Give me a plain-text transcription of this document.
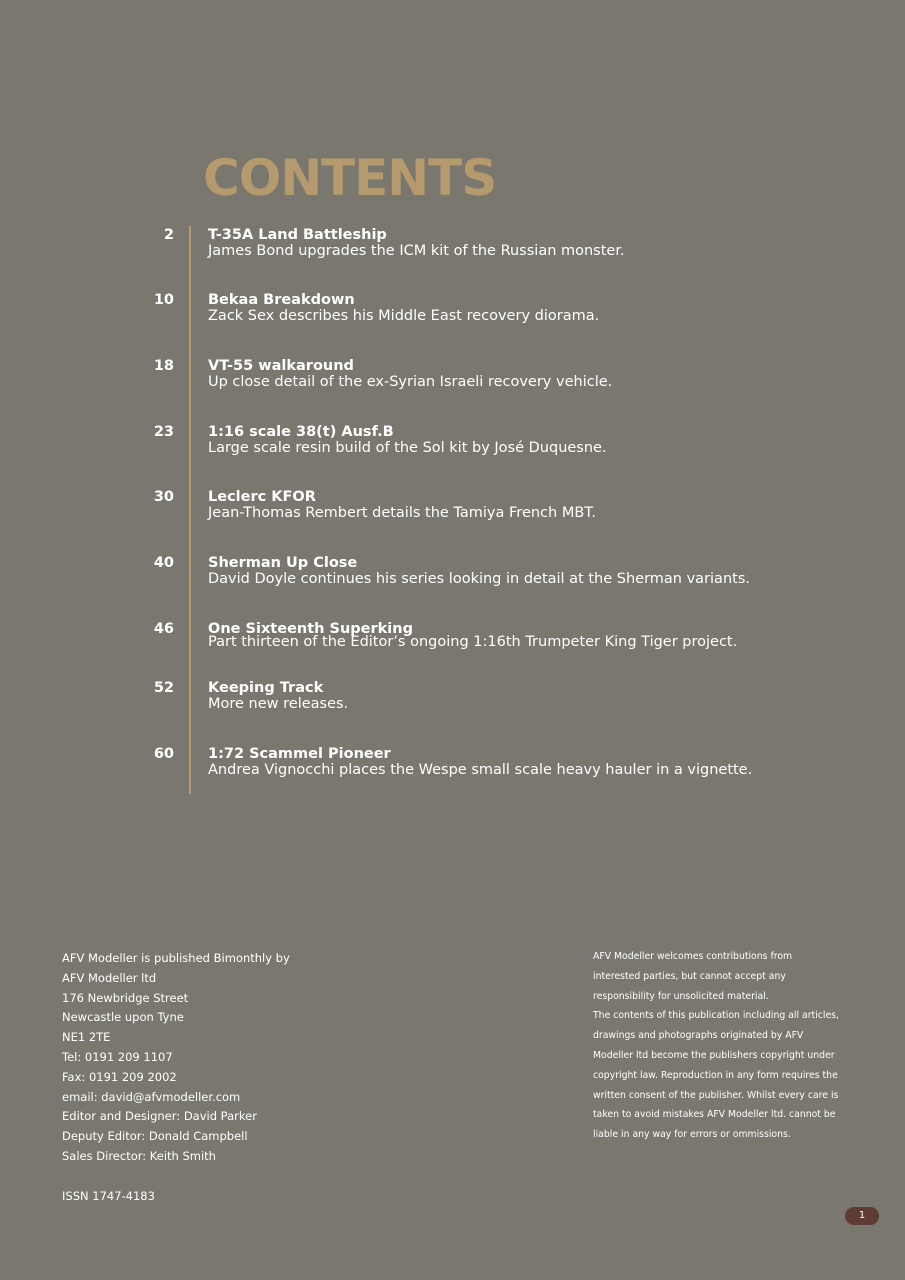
CONTENTS
2 T-35A Land Battleship
James Bond upgrades the ICM kit of the Russian monster.
10 Bekaa Breakdown
Zack Sex describes his Middle East recovery diorama.
18 VT-55 walkaround
Up close detail of the ex-Syrian Israeli recovery vehicle.
23 1:16 scale 38(t) Ausf.B
Large scale resin build of the Sol kit by José Duquesne.
30 Leclerc KFOR
Jean-Thomas Rembert details the Tamiya French MBT.
40 Sherman Up Close
David Doyle continues his series looking in detail at the Sherman variants.
46 One Sixteenth Superking
Part thirteen of the Editor’s ongoing 1:16th Trumpeter King Tiger project.
52 Keeping Track
More new releases.
60 1:72 Scammel Pioneer
Andrea Vignocchi places the Wespe small scale heavy hauler in a vignette.
AFV Modeller is published Bimonthly by
AFV Modeller ltd
176 Newbridge Street
Newcastle upon Tyne
NE1 2TE
Tel: 0191 209 1107
Fax: 0191 209 2002
email: david@afvmodeller.com
Editor and Designer: David Parker
Deputy Editor: Donald Campbell
Sales Director: Keith Smith
ISSN 1747-4183
AFV Modeller welcomes contributions from
interested parties, but cannot accept any
responsibility for unsolicited material.
The contents of this publication including all articles,
drawings and photographs originated by AFV
Modeller ltd become the publishers copyright under
copyright law. Reproduction in any form requires the
written consent of the publisher. Whilst every care is
taken to avoid mistakes AFV Modeller ltd. cannot be
liable in any way for errors or ommissions.
1
